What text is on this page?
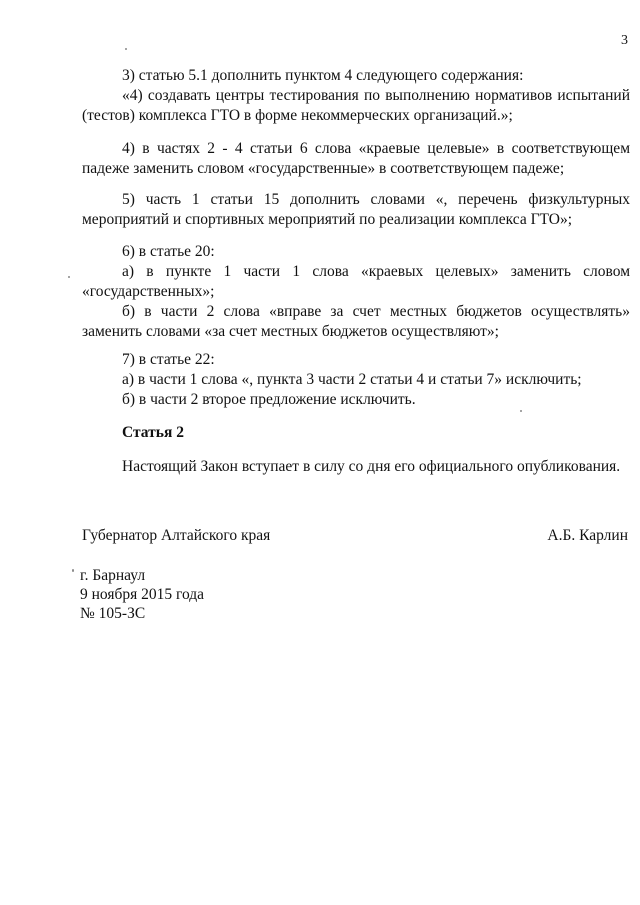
3
3) статью 5.1 дополнить пунктом 4 следующего содержания:
«4) создавать центры тестирования по выполнению нормативов испытаний
(тестов) комплекса ГТО в форме некоммерческих организаций.»;
4) в частях 2 - 4 статьи 6 слова «краевые целевые» в соответствующем
падеже заменить словом «государственные» в соответствующем падеже;
5) часть 1 статьи 15 дополнить словами «, перечень физкультурных
мероприятий и спортивных мероприятий по реализации комплекса ГТО»;
6) в статье 20:
а) в пункте 1 части 1 слова «краевых целевых» заменить словом
«государственных»;
б) в части 2 слова «вправе за счет местных бюджетов осуществлять»
заменить словами «за счет местных бюджетов осуществляют»;
7) в статье 22:
а) в части 1 слова «, пункта 3 части 2 статьи 4 и статьи 7» исключить;
б) в части 2 второе предложение исключить.
Статья 2
Настоящий Закон вступает в силу со дня его официального опубликования.
Губернатор Алтайского края	А.Б. Карлин
г. Барнаул
9 ноября 2015 года
№ 105-ЗС
